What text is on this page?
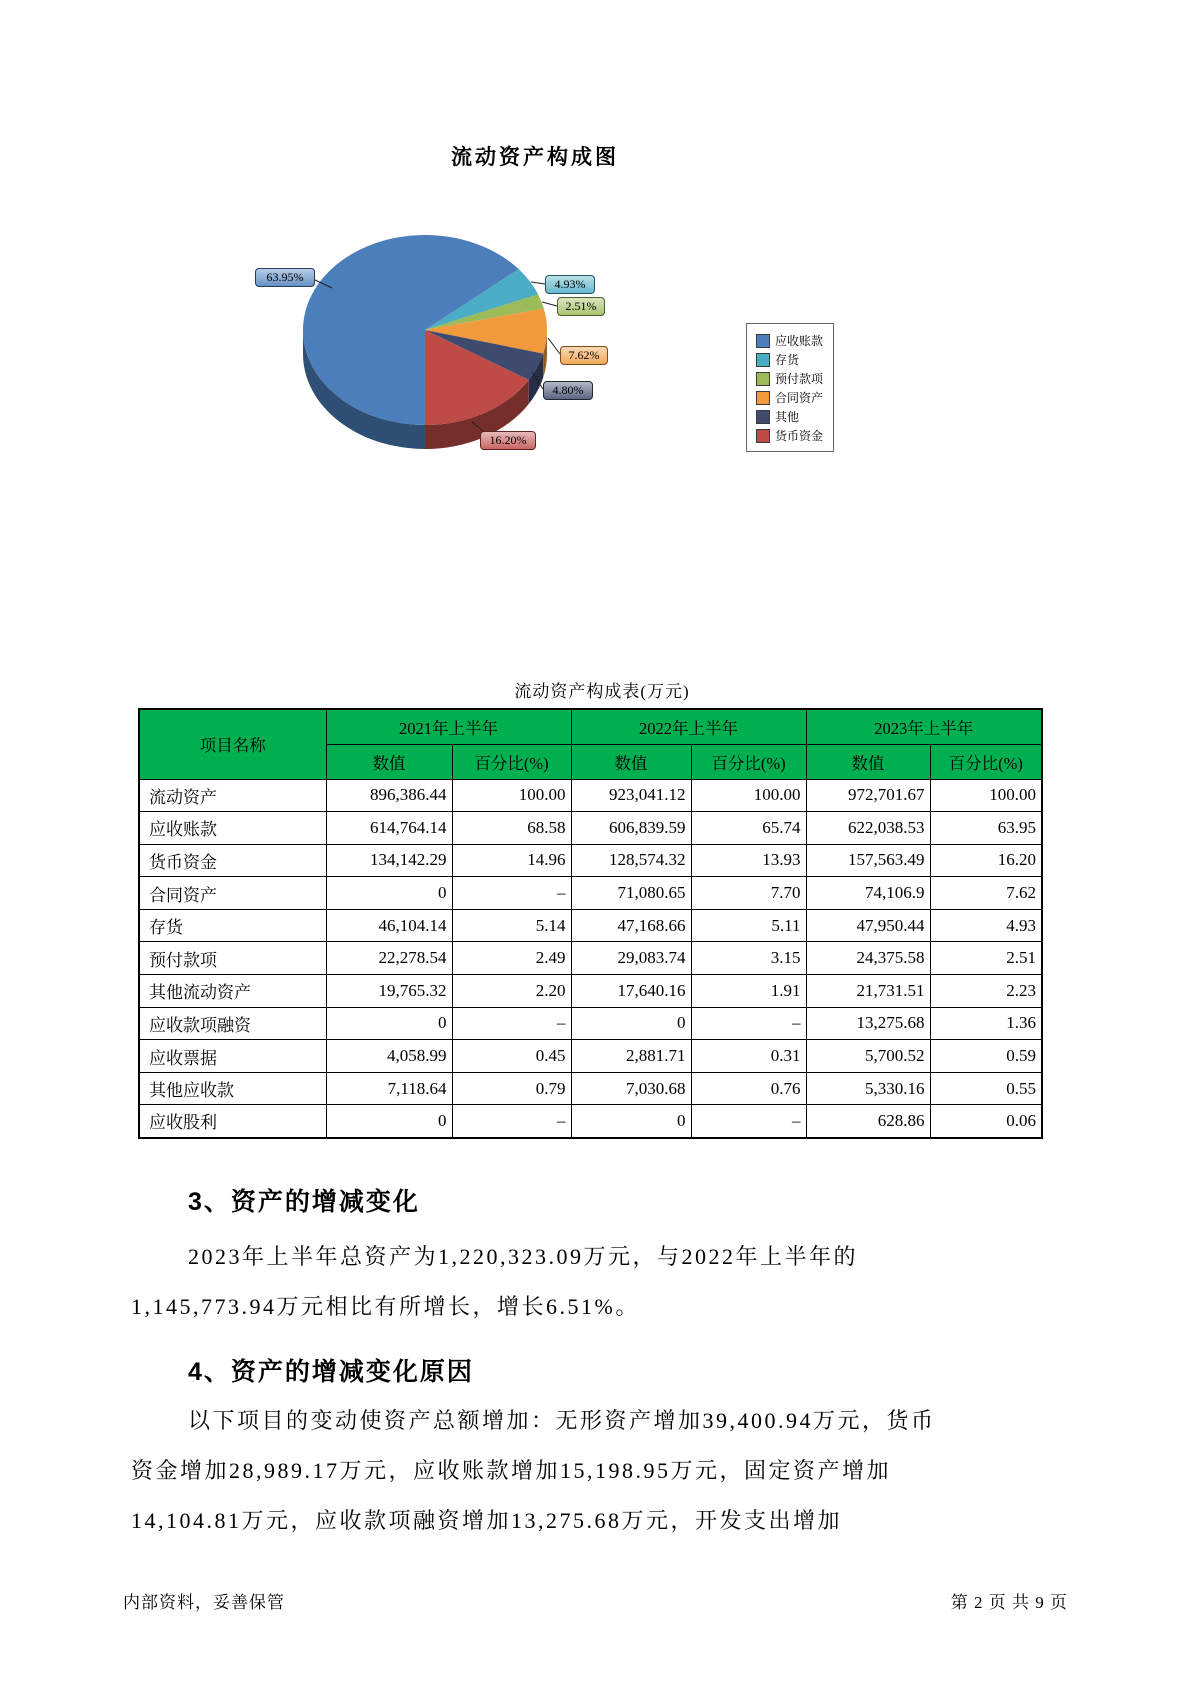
流动资产构成图
63.95%	4.93%
2.51%
7.62%
4.80%
16.20%
应收账款
存货
预付款项
合同资产
其他
货币资金
流动资产构成表(万元)
项目名称	2021年上半年		2022年上半年		2023年上半年	
	数值	百分比(%)	数值	百分比(%)	数值	百分比(%)
流动资产	896,386.44	100.00	923,041.12	100.00	972,701.67	100.00
应收账款	614,764.14	68.58	606,839.59	65.74	622,038.53	63.95
货币资金	134,142.29	14.96	128,574.32	13.93	157,563.49	16.20
合同资产	0	–	71,080.65	7.70	74,106.9	7.62
存货	46,104.14	5.14	47,168.66	5.11	47,950.44	4.93
预付款项	22,278.54	2.49	29,083.74	3.15	24,375.58	2.51
其他流动资产	19,765.32	2.20	17,640.16	1.91	21,731.51	2.23
应收款项融资	0	–	0	–	13,275.68	1.36
应收票据	4,058.99	0.45	2,881.71	0.31	5,700.52	0.59
其他应收款	7,118.64	0.79	7,030.68	0.76	5,330.16	0.55
应收股利	0	–	0	–	628.86	0.06
3、资产的增减变化
2023年上半年总资产为1,220,323.09万元，与2022年上半年的
1,145,773.94万元相比有所增长，增长6.51%。
4、资产的增减变化原因
以下项目的变动使资产总额增加：无形资产增加39,400.94万元，货币
资金增加28,989.17万元，应收账款增加15,198.95万元，固定资产增加
14,104.81万元，应收款项融资增加13,275.68万元，开发支出增加
内部资料，妥善保管	第 2 页 共 9 页
